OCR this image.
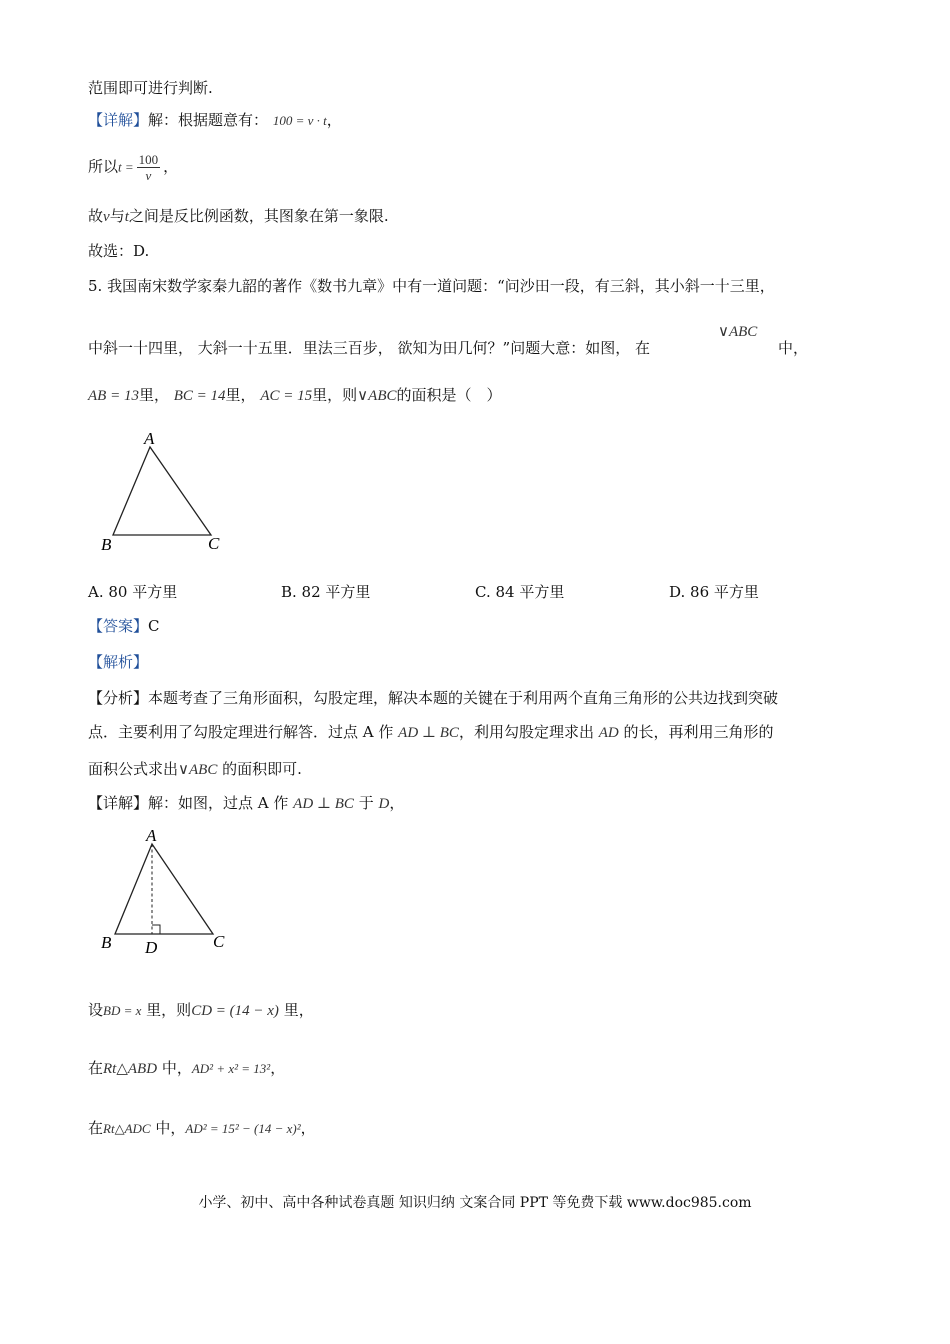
范围即可进行判断.
【详解】解：根据题意有： 100 = v · t，
所以$t = \frac{100}{v}$ ，
故v与t之间是反比例函数，其图象在第一象限.
故选：D.
5. 我国南宋数学家秦九韶的著作《数书九章》中有一道问题：“问沙田一段，有三斜，其小斜一十三里，
中斜一十四里， 大斜一十五里．里法三百步， 欲知为田几何？”问题大意：如图， 在
∨ABC
中，
AB = 13里， BC = 14里， AC = 15里，则∨ABC的面积是（　）
A
B	C
A. 80 平方里	B. 82 平方里	C. 84 平方里	D. 86 平方里
【答案】C
【解析】
【分析】本题考查了三角形面积，勾股定理，解决本题的关键在于利用两个直角三角形的公共边找到突破
点．主要利用了勾股定理进行解答．过点 A 作 AD ⊥ BC，利用勾股定理求出 AD 的长，再利用三角形的
面积公式求出∨ABC 的面积即可.
【详解】解：如图，过点 A 作 AD ⊥ BC 于 D，
A
B	C
D
设BD = x 里，则CD = (14 − x) 里，
在Rt△ABD 中，AD² + x² = 13²，
在Rt△ADC 中，AD² = 15² − (14 − x)²，
小学、初中、高中各种试卷真题 知识归纳 文案合同 PPT 等免费下载 www.doc985.com
